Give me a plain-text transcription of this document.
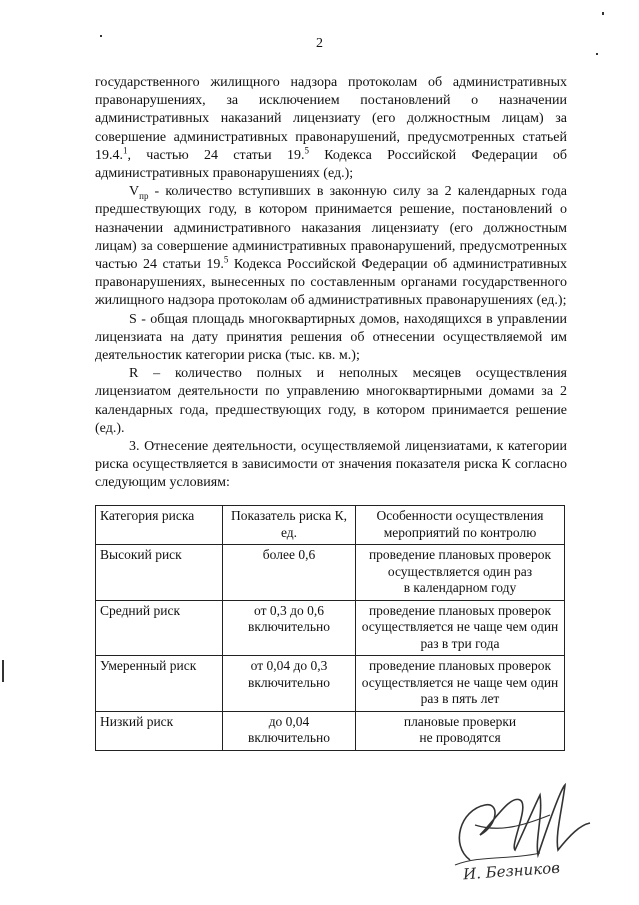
2

государственного жилищного надзора протоколам об административных правонарушениях, за исключением постановлений о назначении административных наказаний лицензиату (его должностным лицам) за совершение административных правонарушений, предусмотренных статьей 19.4.$^1$, частью 24 статьи 19.$^5$ Кодекса Российской Федерации об административных правонарушениях (ед.);

$V_{пр}$ - количество вступивших в законную силу за 2 календарных года предшествующих году, в котором принимается решение, постановлений о назначении административного наказания лицензиату (его должностным лицам) за совершение административных правонарушений, предусмотренных частью 24 статьи 19.$^5$ Кодекса Российской Федерации об административных правонарушениях, вынесенных по составленным органами государственного жилищного надзора протоколам об административных правонарушениях (ед.);

S - общая площадь многоквартирных домов, находящихся в управлении лицензиата на дату принятия решения об отнесении осуществляемой им деятельностик категории риска (тыс. кв. м.);

R – количество полных и неполных месяцев осуществления лицензиатом деятельности по управлению многоквартирными домами за 2 календарных года, предшествующих году, в котором принимается решение (ед.).

3. Отнесение деятельности, осуществляемой лицензиатами, к категории риска осуществляется в зависимости от значения показателя риска К согласно следующим условиям:

Категория риска	Показатель риска К, ед.	Особенности осуществления мероприятий по контролю
Высокий риск	более 0,6	проведение плановых проверок
осуществляется один раз
в календарном году

Средний риск	от 0,3 до 0,6 включительно	проведение плановых проверок
осуществляется не чаще чем один
раз в три года

Умеренный риск	от 0,04 до 0,3 включительно	проведение плановых проверок
осуществляется не чаще чем один
раз в пять лет

Низкий риск	до 0,04 включительно	плановые проверки
не проводятся
И. Безников
